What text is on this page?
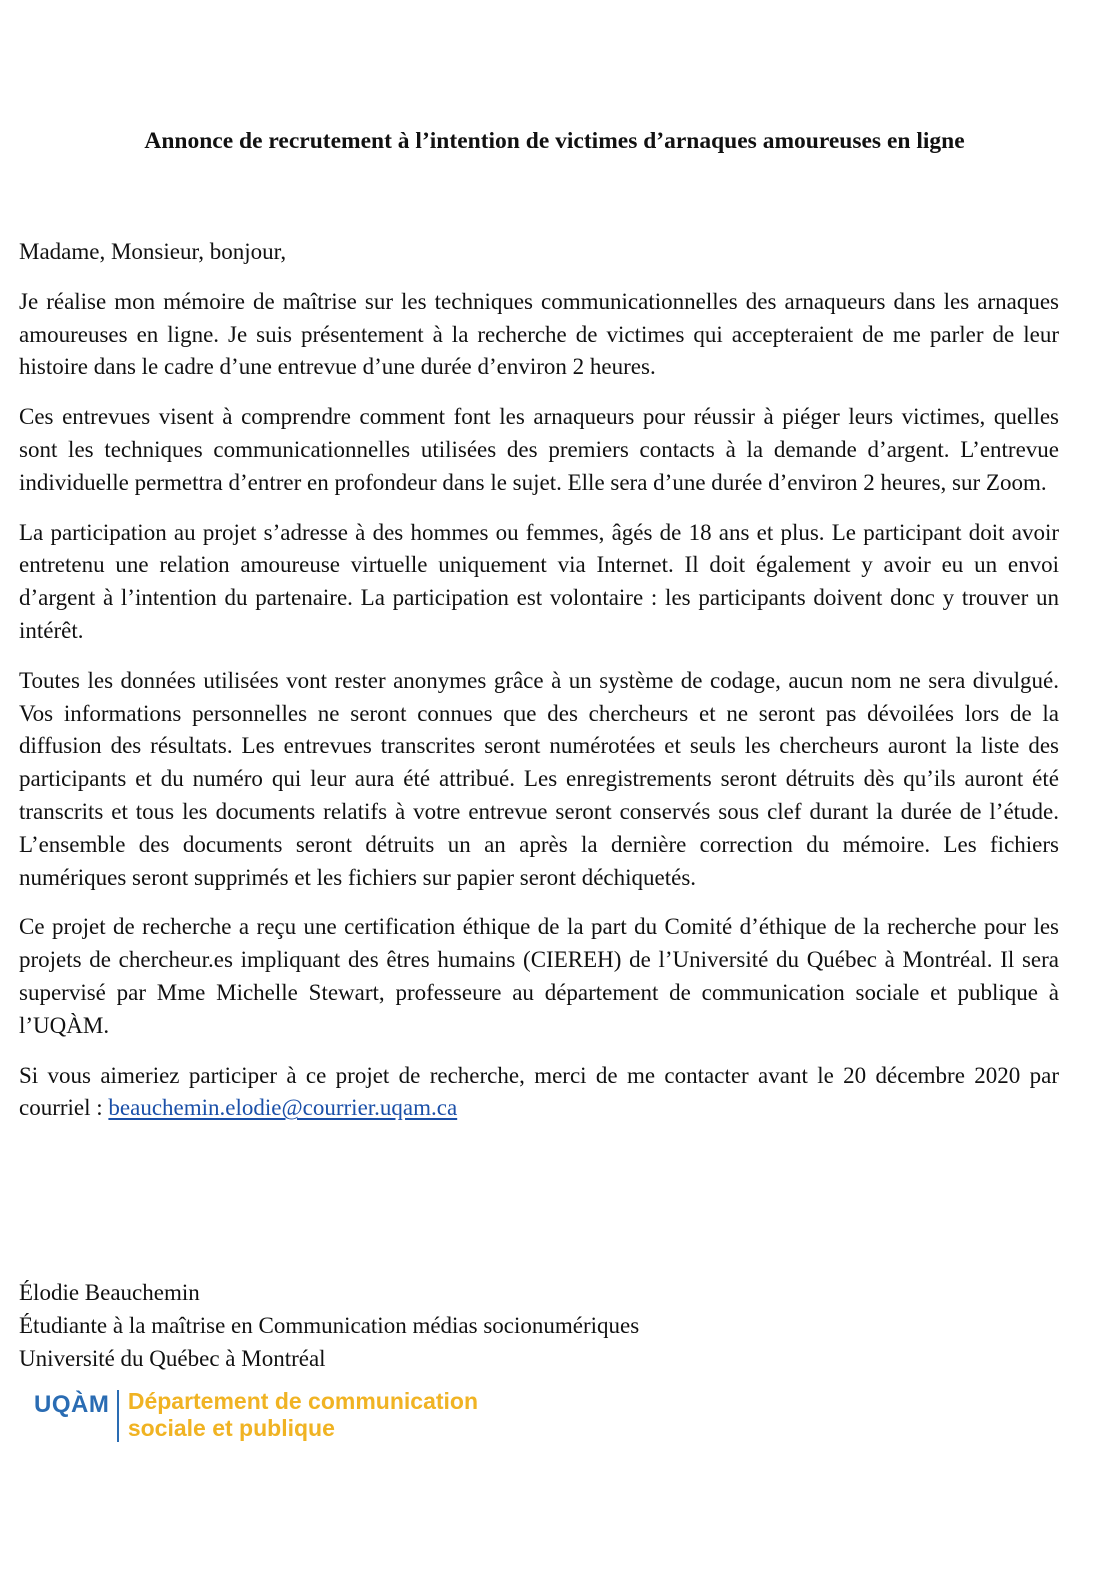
Annonce de recrutement à l’intention de victimes d’arnaques amoureuses en ligne

Madame, Monsieur, bonjour,

Je réalise mon mémoire de maîtrise sur les techniques communicationnelles des arnaqueurs dans les arnaques amoureuses en ligne. Je suis présentement à la recherche de victimes qui accepteraient de me parler de leur histoire dans le cadre d’une entrevue d’une durée d’environ 2 heures.

Ces entrevues visent à comprendre comment font les arnaqueurs pour réussir à piéger leurs victimes, quelles sont les techniques communicationnelles utilisées des premiers contacts à la demande d’argent. L’entrevue individuelle permettra d’entrer en profondeur dans le sujet. Elle sera d’une durée d’environ 2 heures, sur Zoom.

La participation au projet s’adresse à des hommes ou femmes, âgés de 18 ans et plus. Le participant doit avoir entretenu une relation amoureuse virtuelle uniquement via Internet. Il doit également y avoir eu un envoi d’argent à l’intention du partenaire. La participation est volontaire : les participants doivent donc y trouver un intérêt.

Toutes les données utilisées vont rester anonymes grâce à un système de codage, aucun nom ne sera divulgué. Vos informations personnelles ne seront connues que des chercheurs et ne seront pas dévoilées lors de la diffusion des résultats. Les entrevues transcrites seront numérotées et seuls les chercheurs auront la liste des participants et du numéro qui leur aura été attribué. Les enregistrements seront détruits dès qu’ils auront été transcrits et tous les documents relatifs à votre entrevue seront conservés sous clef durant la durée de l’étude. L’ensemble des documents seront détruits un an après la dernière correction du mémoire. Les fichiers numériques seront supprimés et les fichiers sur papier seront déchiquetés.

Ce projet de recherche a reçu une certification éthique de la part du Comité d’éthique de la recherche pour les projets de chercheur.es impliquant des êtres humains (CIEREH) de l’Université du Québec à Montréal. Il sera supervisé par Mme Michelle Stewart, professeure au département de communication sociale et publique à l’UQÀM.

Si vous aimeriez participer à ce projet de recherche, merci de me contacter avant le 20 décembre 2020 par courriel : beauchemin.elodie@courrier.uqam.ca

Élodie Beauchemin
Étudiante à la maîtrise en Communication médias socionumériques
Université du Québec à Montréal
UQÀM Département de communication
sociale et publique
